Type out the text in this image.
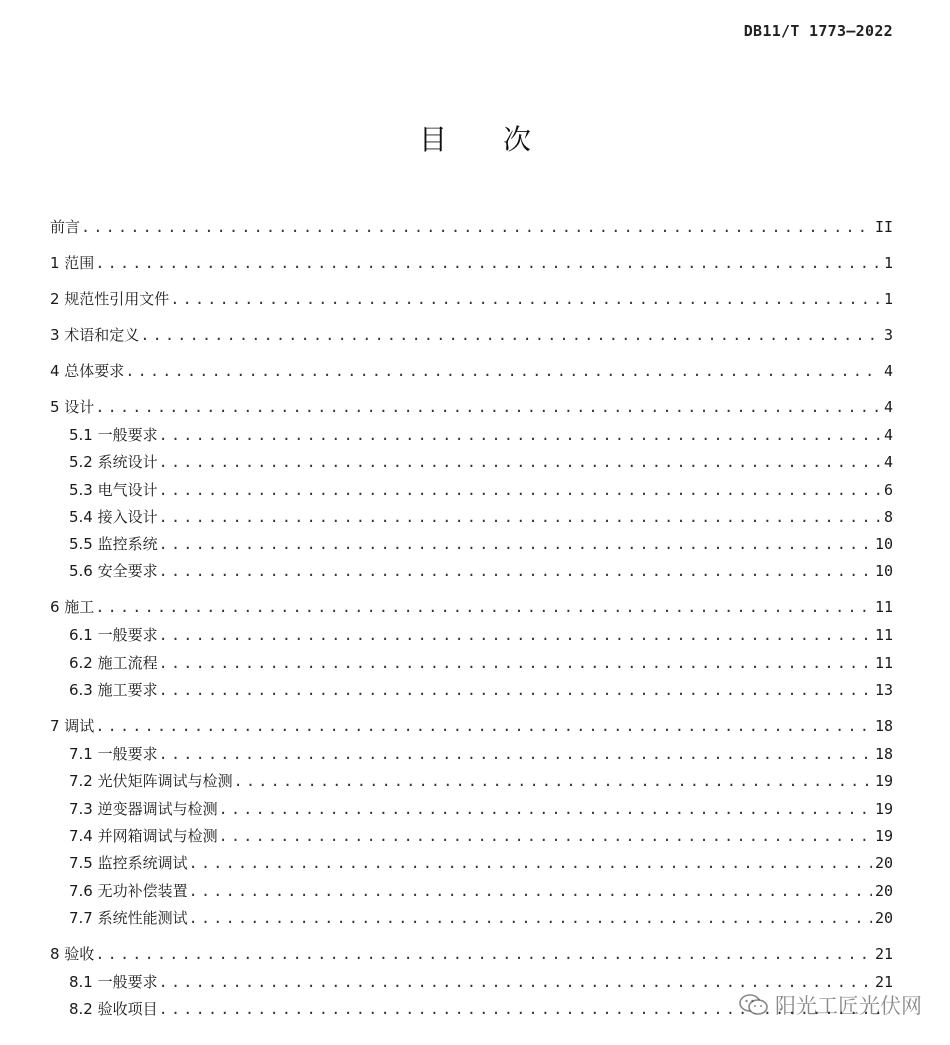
DB11/T 1773—2022
目 次
前言 .....	II
1 范围 .....	1
2 规范性引用文件 .....	1
3 术语和定义 .....	3
4 总体要求 .....	4
5 设计 .....	4
5.1 一般要求 .....	4
5.2 系统设计 .....	4
5.3 电气设计 .....	6
5.4 接入设计 .....	8
5.5 监控系统 .....	10
5.6 安全要求 .....	10
6 施工 .....	11
6.1 一般要求 .....	11
6.2 施工流程 .....	11
6.3 施工要求 .....	13
7 调试 .....	18
7.1 一般要求 .....	18
7.2 光伏矩阵调试与检测 .....	19
7.3 逆变器调试与检测 .....	19
7.4 并网箱调试与检测 .....	19
7.5 监控系统调试 .....	20
7.6 无功补偿装置 .....	20
7.7 系统性能测试 .....	20
8 验收 .....	21
8.1 一般要求 .....	21
8.2 验收项目 .....	阳光工匠光伏网
